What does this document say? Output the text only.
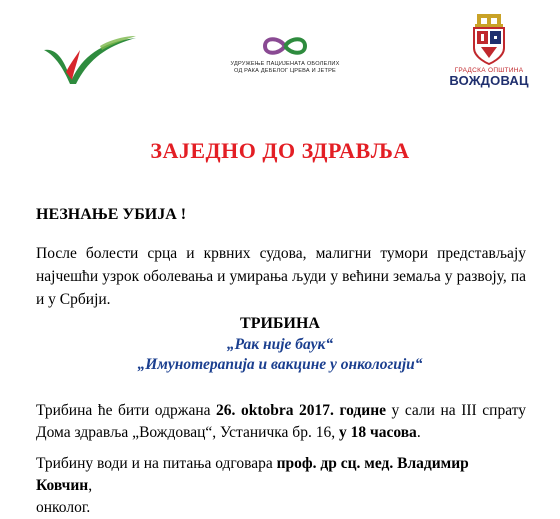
УДРУЖЕЊЕ ПАЦИЈЕНАТА ОБОЛЕЛИХ
ОД РАКА ДЕБЕЛОГ ЦРЕВА И ЈЕТРЕ	ГРАДСКА ОПШТИНА
ВОЖДОВАЦ
ЗАЈЕДНО ДО ЗДРАВЉА
НЕЗНАЊЕ УБИЈА !

После болести срца и крвних судова, малигни тумори представљају најчешћи узрок оболевања и умирања људи у већини земаља у развоју, па и у Србији.

ТРИБИНА
„Рак није баук“
„Имунотерапија и вакцине у онкологији“

Трибина ће бити одржана 26. oktobra 2017. године у сали на III спрату Дома здравља „Вождовац“, Устаничка бр. 16, у 18 часова.

Трибину води и на питања одговара проф. др сц. мед. Владимир Ковчин,
онколог.
